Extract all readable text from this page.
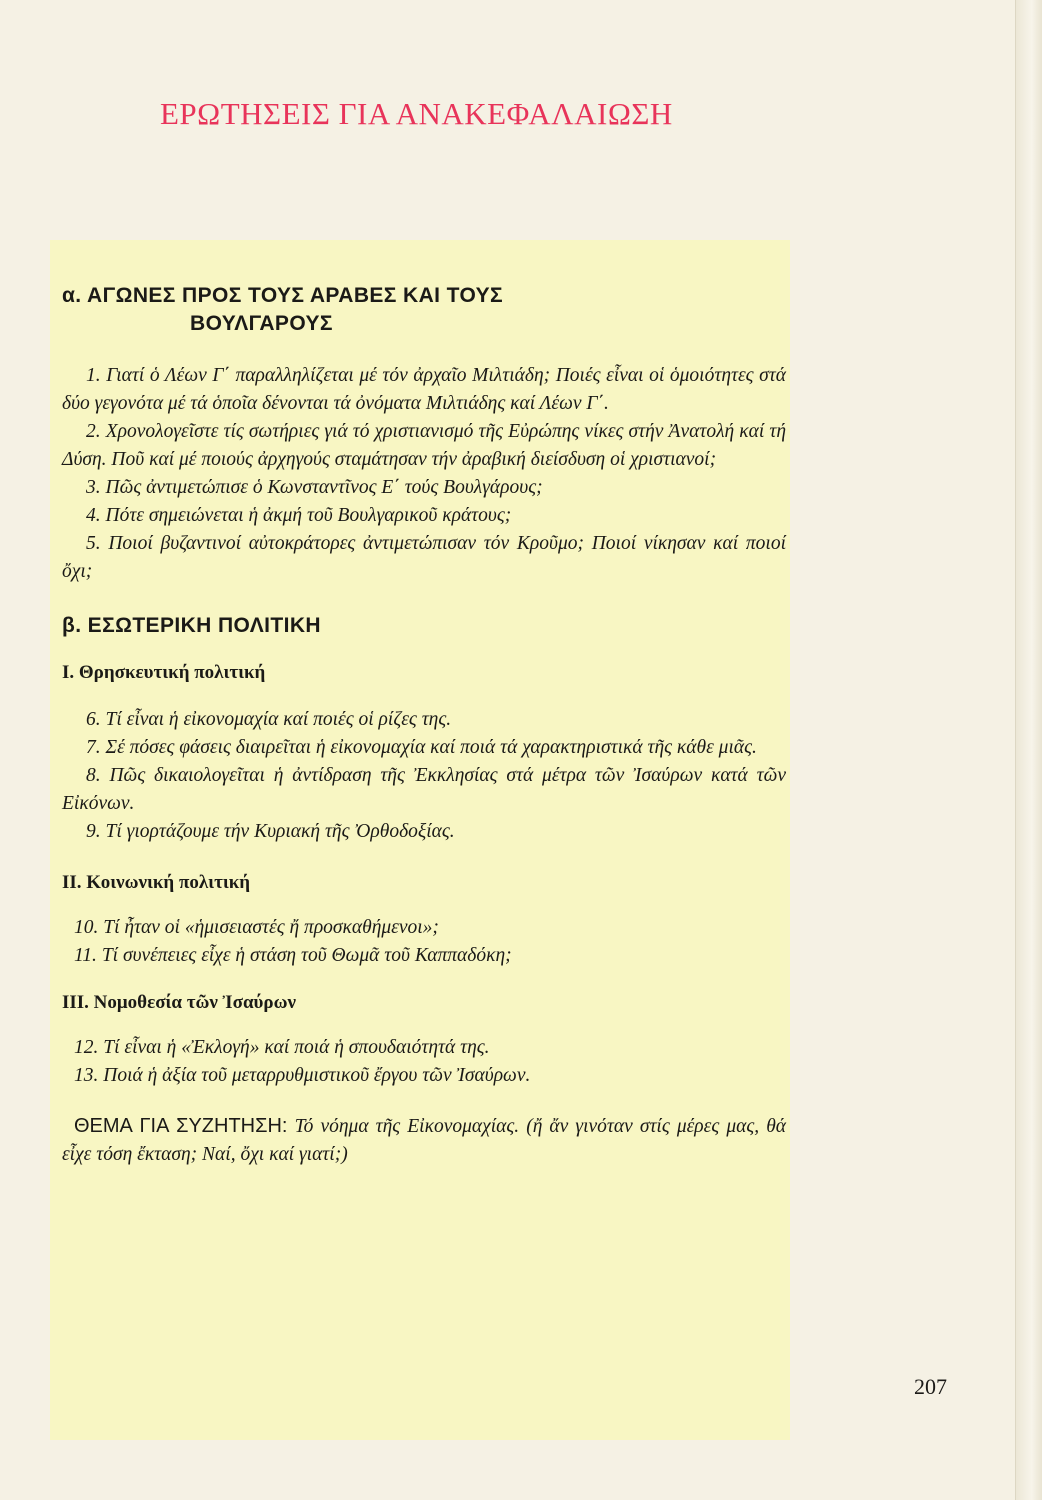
ΕΡΩΤΗΣΕΙΣ ΓΙΑ ΑΝΑΚΕΦΑΛΑΙΩΣΗ
α. ΑΓΩΝΕΣ ΠΡΟΣ ΤΟΥΣ ΑΡΑΒΕΣ ΚΑΙ ΤΟΥΣ
ΒΟΥΛΓΑΡΟΥΣ

1. Γιατί ὁ Λέων Γ΄ παραλληλίζεται μέ τόν ἀρχαῖο Μιλτιάδη; Ποιές εἶναι οἱ ὁμοιότητες στά δύο γεγονότα μέ τά ὁποῖα δένονται τά ὀνόματα Μιλτιάδης καί Λέων Γ΄.

2. Χρονολογεῖστε τίς σωτήριες γιά τό χριστιανισμό τῆς Εὐρώπης νίκες στήν Ἀνατολή καί τή Δύση. Ποῦ καί μέ ποιούς ἀρχηγούς σταμάτησαν τήν ἀραβική διείσδυση οἱ χριστιανοί;

3. Πῶς ἀντιμετώπισε ὁ Κωνσταντῖνος Ε΄ τούς Βουλγάρους;

4. Πότε σημειώνεται ἡ ἀκμή τοῦ Βουλγαρικοῦ κράτους;

5. Ποιοί βυζαντινοί αὐτοκράτορες ἀντιμετώπισαν τόν Κροῦμο; Ποιοί νίκησαν καί ποιοί ὄχι;

β. ΕΣΩΤΕΡΙΚΗ ΠΟΛΙΤΙΚΗ
Ι. Θρησκευτική πολιτική

6. Τί εἶναι ἡ εἰκονομαχία καί ποιές οἱ ρίζες της.

7. Σέ πόσες φάσεις διαιρεῖται ἡ εἰκονομαχία καί ποιά τά χαρακτηριστικά τῆς κάθε μιᾶς.

8. Πῶς δικαιολογεῖται ἡ ἀντίδραση τῆς Ἐκκλησίας στά μέτρα τῶν Ἰσαύρων κατά τῶν Εἰκόνων.

9. Τί γιορτάζουμε τήν Κυριακή τῆς Ὀρθοδοξίας.

ΙΙ. Κοινωνική πολιτική

10. Τί ἦταν οἱ «ἡμισειαστές ἤ προσκαθήμενοι»;

11. Τί συνέπειες εἶχε ἡ στάση τοῦ Θωμᾶ τοῦ Καππαδόκη;

ΙΙΙ. Νομοθεσία τῶν Ἰσαύρων

12. Τί εἶναι ἡ «Ἐκλογή» καί ποιά ἡ σπουδαιότητά της.

13. Ποιά ἡ ἀξία τοῦ μεταρρυθμιστικοῦ ἔργου τῶν Ἰσαύρων.

ΘΕΜΑ ΓΙΑ ΣΥΖΗΤΗΣΗ: Τό νόημα τῆς Εἰκονομαχίας. (ἤ ἄν γινόταν στίς μέρες μας, θά εἶχε τόση ἔκταση; Ναί, ὄχι καί γιατί;)

207
